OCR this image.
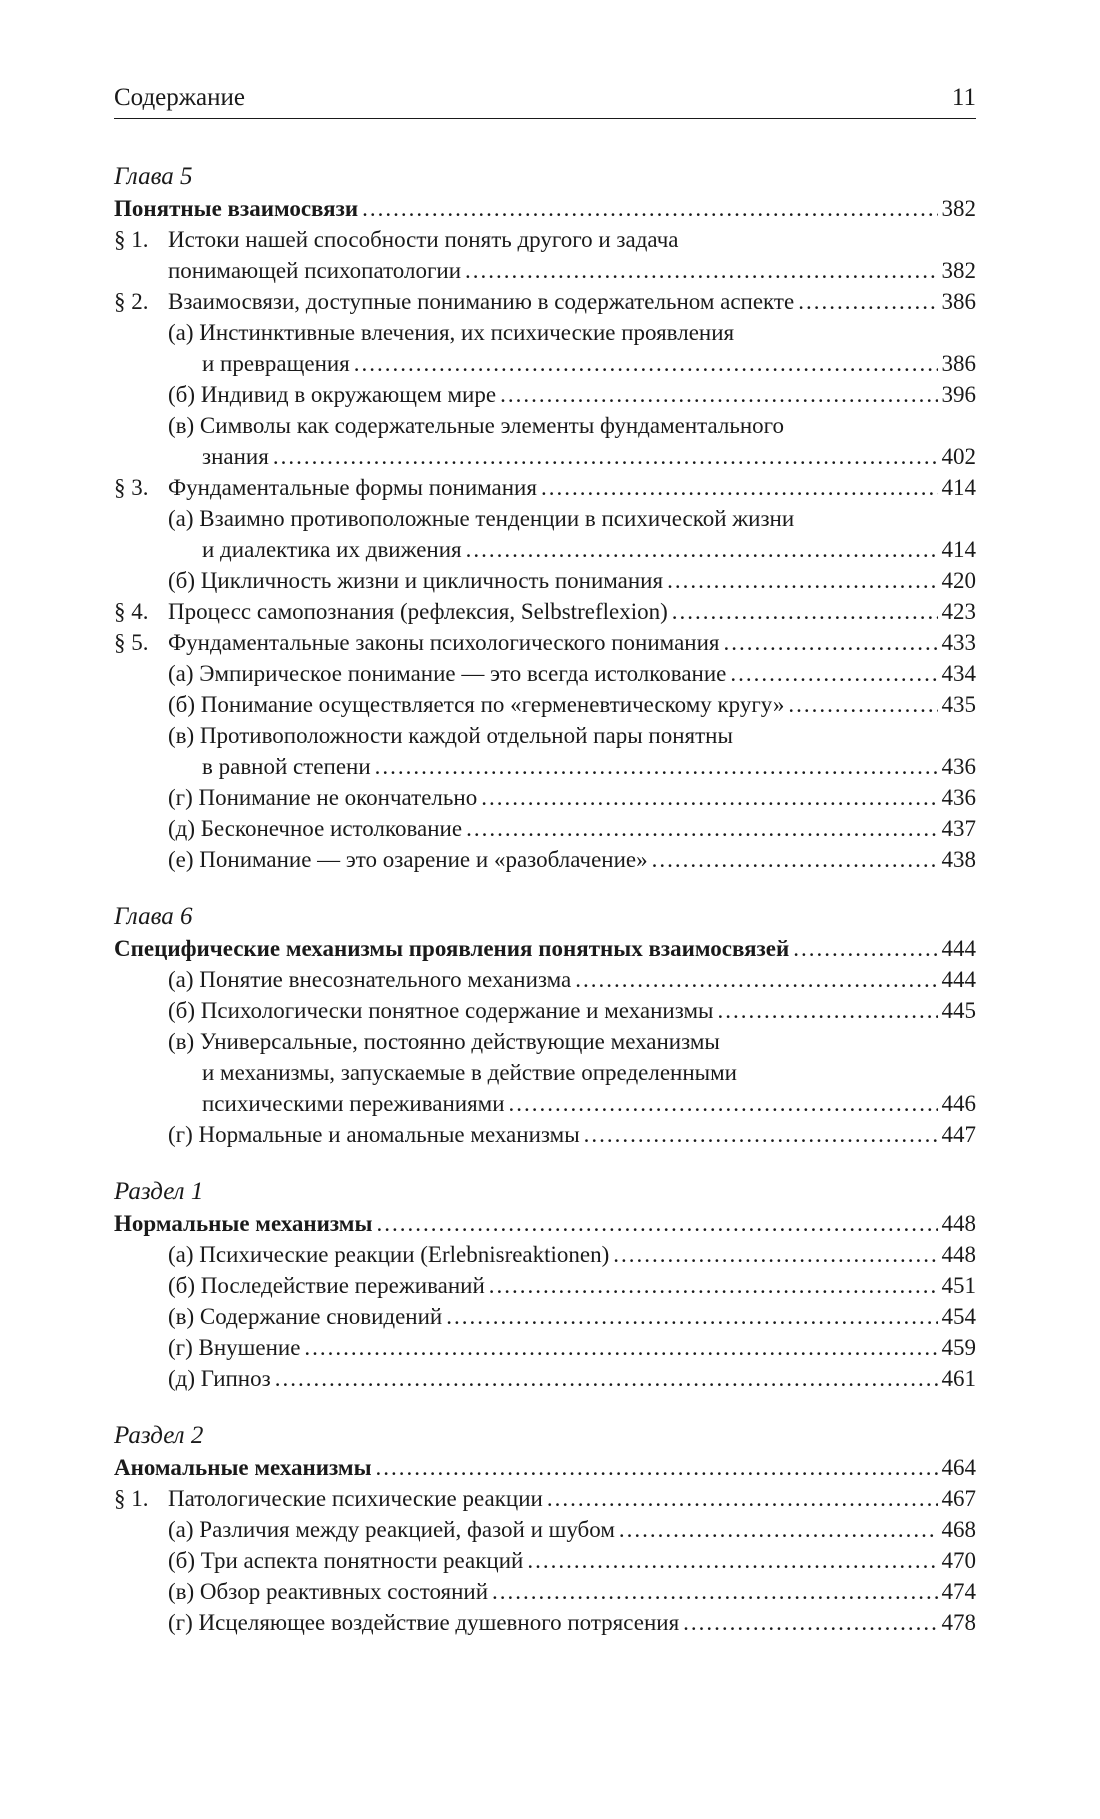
Содержание	11
Глава 5
Понятные взаимосвязи .....	382
§ 1. Истоки нашей способности понять другого и задача
понимающей психопатологии .....	382
§ 2. Взаимосвязи, доступные пониманию в содержательном аспекте .....	386
(а) Инстинктивные влечения, их психические проявления
и превращения .....	386
(б) Индивид в окружающем мире .....	396
(в) Символы как содержательные элементы фундаментального
знания .....	402
§ 3. Фундаментальные формы понимания .....	414
(а) Взаимно противоположные тенденции в психической жизни
и диалектика их движения .....	414
(б) Цикличность жизни и цикличность понимания .....	420
§ 4. Процесс самопознания (рефлексия, Selbstreflexion) .....	423
§ 5. Фундаментальные законы психологического понимания .....	433
(а) Эмпирическое понимание — это всегда истолкование .....	434
(б) Понимание осуществляется по «герменевтическому кругу» .....	435
(в) Противоположности каждой отдельной пары понятны
в равной степени .....	436
(г) Понимание не окончательно .....	436
(д) Бесконечное истолкование .....	437
(е) Понимание — это озарение и «разоблачение» .....	438
Глава 6
Специфические механизмы проявления понятных взаимосвязей .....	444
(а) Понятие внесознательного механизма .....	444
(б) Психологически понятное содержание и механизмы .....	445
(в) Универсальные, постоянно действующие механизмы
и механизмы, запускаемые в действие определенными
психическими переживаниями .....	446
(г) Нормальные и аномальные механизмы .....	447
Раздел 1
Нормальные механизмы .....	448
(а) Психические реакции (Erlebnisreaktionen) .....	448
(б) Последействие переживаний .....	451
(в) Содержание сновидений .....	454
(г) Внушение .....	459
(д) Гипноз .....	461
Раздел 2
Аномальные механизмы .....	464
§ 1. Патологические психические реакции .....	467
(а) Различия между реакцией, фазой и шубом .....	468
(б) Три аспекта понятности реакций .....	470
(в) Обзор реактивных состояний .....	474
(г) Исцеляющее воздействие душевного потрясения .....	478
